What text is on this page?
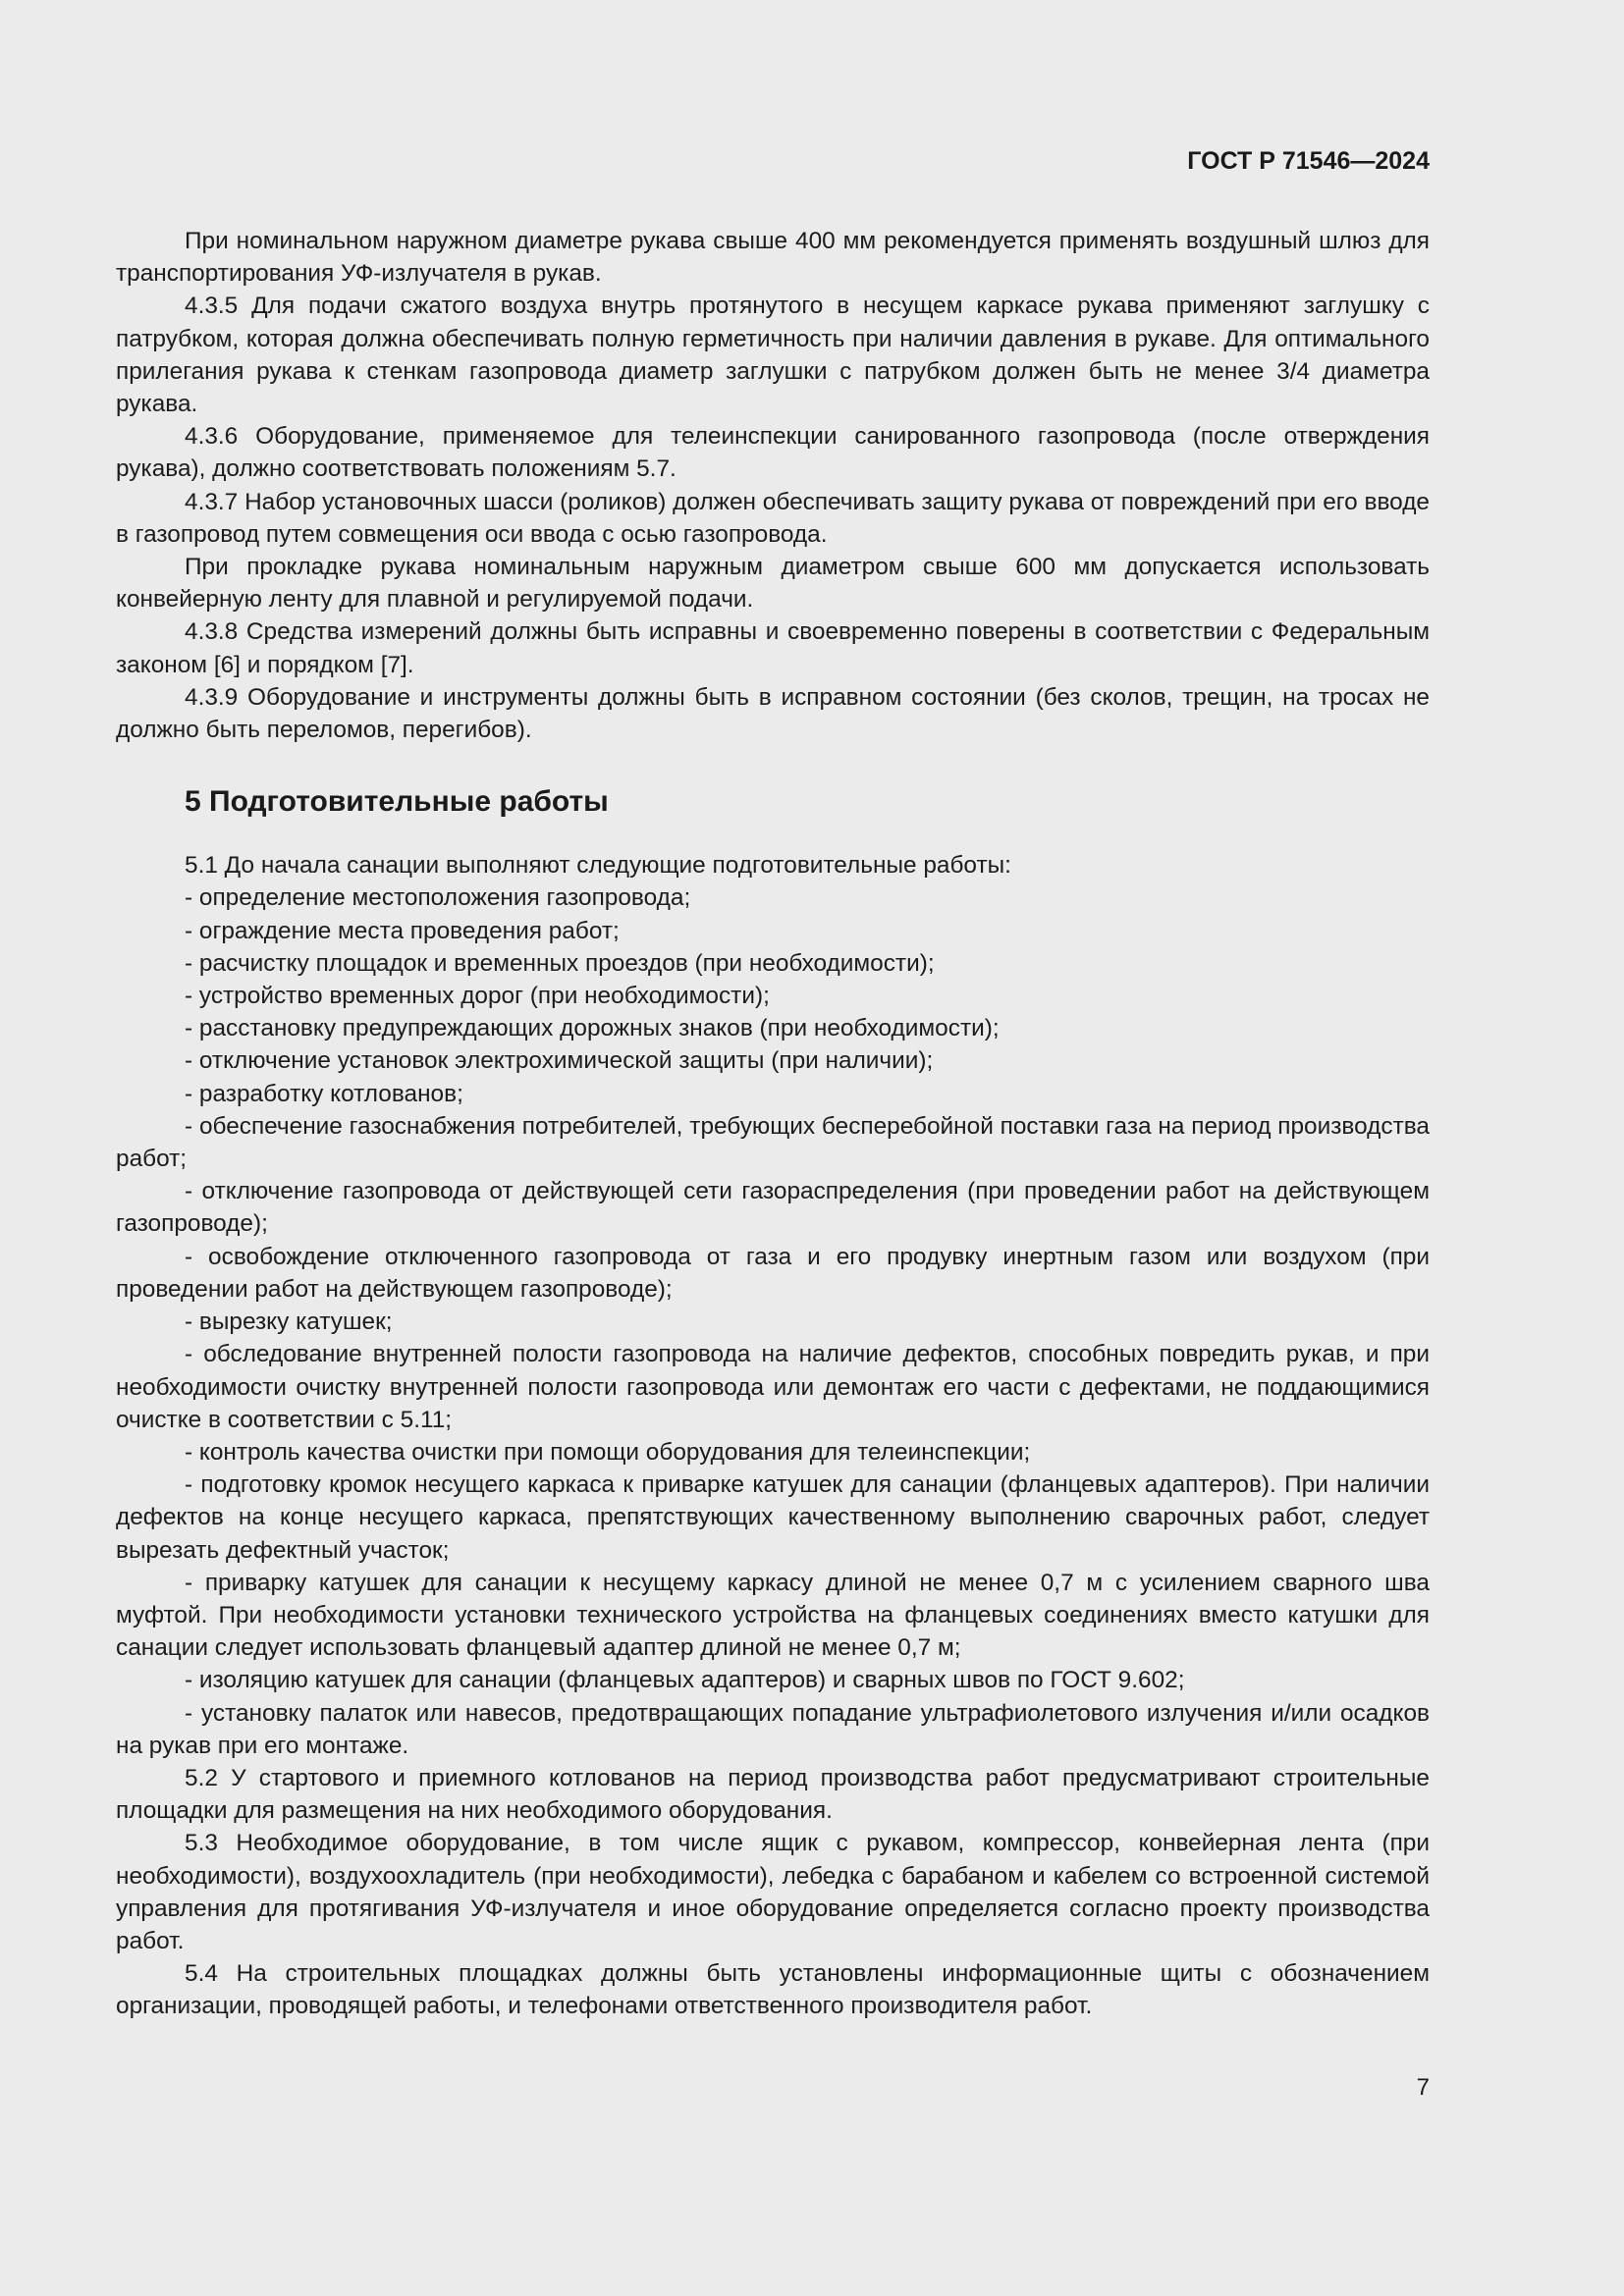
ГОСТ Р 71546—2024

При номинальном наружном диаметре рукава свыше 400 мм рекомендуется применять воздушный шлюз для транспортирования УФ-излучателя в рукав.

4.3.5 Для подачи сжатого воздуха внутрь протянутого в несущем каркасе рукава применяют заглушку с патрубком, которая должна обеспечивать полную герметичность при наличии давления в рукаве. Для оптимального прилегания рукава к стенкам газопровода диаметр заглушки с патрубком должен быть не менее 3/4 диаметра рукава.

4.3.6 Оборудование, применяемое для телеинспекции санированного газопровода (после отверждения рукава), должно соответствовать положениям 5.7.

4.3.7 Набор установочных шасси (роликов) должен обеспечивать защиту рукава от повреждений при его вводе в газопровод путем совмещения оси ввода с осью газопровода.

При прокладке рукава номинальным наружным диаметром свыше 600 мм допускается использовать конвейерную ленту для плавной и регулируемой подачи.

4.3.8 Средства измерений должны быть исправны и своевременно поверены в соответствии с Федеральным законом [6] и порядком [7].

4.3.9 Оборудование и инструменты должны быть в исправном состоянии (без сколов, трещин, на тросах не должно быть переломов, перегибов).

5 Подготовительные работы

5.1 До начала санации выполняют следующие подготовительные работы:

- определение местоположения газопровода;

- ограждение места проведения работ;

- расчистку площадок и временных проездов (при необходимости);

- устройство временных дорог (при необходимости);

- расстановку предупреждающих дорожных знаков (при необходимости);

- отключение установок электрохимической защиты (при наличии);

- разработку котлованов;

- обеспечение газоснабжения потребителей, требующих бесперебойной поставки газа на период производства работ;

- отключение газопровода от действующей сети газораспределения (при проведении работ на действующем газопроводе);

- освобождение отключенного газопровода от газа и его продувку инертным газом или воздухом (при проведении работ на действующем газопроводе);

- вырезку катушек;

- обследование внутренней полости газопровода на наличие дефектов, способных повредить рукав, и при необходимости очистку внутренней полости газопровода или демонтаж его части с дефектами, не поддающимися очистке в соответствии с 5.11;

- контроль качества очистки при помощи оборудования для телеинспекции;

- подготовку кромок несущего каркаса к приварке катушек для санации (фланцевых адаптеров). При наличии дефектов на конце несущего каркаса, препятствующих качественному выполнению сварочных работ, следует вырезать дефектный участок;

- приварку катушек для санации к несущему каркасу длиной не менее 0,7 м с усилением сварного шва муфтой. При необходимости установки технического устройства на фланцевых соединениях вместо катушки для санации следует использовать фланцевый адаптер длиной не менее 0,7 м;

- изоляцию катушек для санации (фланцевых адаптеров) и сварных швов по ГОСТ 9.602;

- установку палаток или навесов, предотвращающих попадание ультрафиолетового излучения и/или осадков на рукав при его монтаже.

5.2 У стартового и приемного котлованов на период производства работ предусматривают строительные площадки для размещения на них необходимого оборудования.

5.3 Необходимое оборудование, в том числе ящик с рукавом, компрессор, конвейерная лента (при необходимости), воздухоохладитель (при необходимости), лебедка с барабаном и кабелем со встроенной системой управления для протягивания УФ-излучателя и иное оборудование определяется согласно проекту производства работ.

5.4 На строительных площадках должны быть установлены информационные щиты с обозначением организации, проводящей работы, и телефонами ответственного производителя работ.

7
